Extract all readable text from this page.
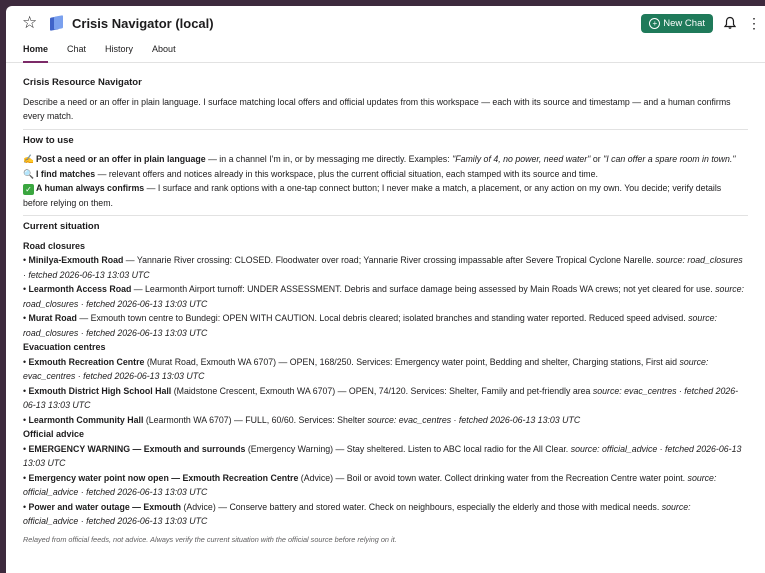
☆	Crisis Navigator (local)	+ New Chat	⋮
Home Chat History About
Crisis Resource Navigator

Describe a need or an offer in plain language. I surface matching local offers and official updates from this workspace — each with its source and timestamp — and a human confirms every match.

How to use

✍️ Post a need or an offer in plain language — in a channel I'm in, or by messaging me directly. Examples: "Family of 4, no power, need water" or "I can offer a spare room in town."

🔍 I find matches — relevant offers and notices already in this workspace, plus the current official situation, each stamped with its source and time.

✓ A human always confirms — I surface and rank options with a one-tap connect button; I never make a match, a placement, or any action on my own. You decide; verify details before relying on them.

Current situation

Road closures

• Minilya-Exmouth Road — Yannarie River crossing: CLOSED. Floodwater over road; Yannarie River crossing impassable after Severe Tropical Cyclone Narelle. source: road_closures · fetched 2026-06-13 13:03 UTC

• Learmonth Access Road — Learmonth Airport turnoff: UNDER ASSESSMENT. Debris and surface damage being assessed by Main Roads WA crews; not yet cleared for use. source: road_closures · fetched 2026-06-13 13:03 UTC

• Murat Road — Exmouth town centre to Bundegi: OPEN WITH CAUTION. Local debris cleared; isolated branches and standing water reported. Reduced speed advised. source: road_closures · fetched 2026-06-13 13:03 UTC

Evacuation centres

• Exmouth Recreation Centre (Murat Road, Exmouth WA 6707) — OPEN, 168/250. Services: Emergency water point, Bedding and shelter, Charging stations, First aid source: evac_centres · fetched 2026-06-13 13:03 UTC

• Exmouth District High School Hall (Maidstone Crescent, Exmouth WA 6707) — OPEN, 74/120. Services: Shelter, Family and pet-friendly area source: evac_centres · fetched 2026-06-13 13:03 UTC

• Learmonth Community Hall (Learmonth WA 6707) — FULL, 60/60. Services: Shelter source: evac_centres · fetched 2026-06-13 13:03 UTC

Official advice

• EMERGENCY WARNING — Exmouth and surrounds (Emergency Warning) — Stay sheltered. Listen to ABC local radio for the All Clear. source: official_advice · fetched 2026-06-13 13:03 UTC

• Emergency water point now open — Exmouth Recreation Centre (Advice) — Boil or avoid town water. Collect drinking water from the Recreation Centre water point. source: official_advice · fetched 2026-06-13 13:03 UTC

• Power and water outage — Exmouth (Advice) — Conserve battery and stored water. Check on neighbours, especially the elderly and those with medical needs. source: official_advice · fetched 2026-06-13 13:03 UTC

Relayed from official feeds, not advice. Always verify the current situation with the official source before relying on it.
